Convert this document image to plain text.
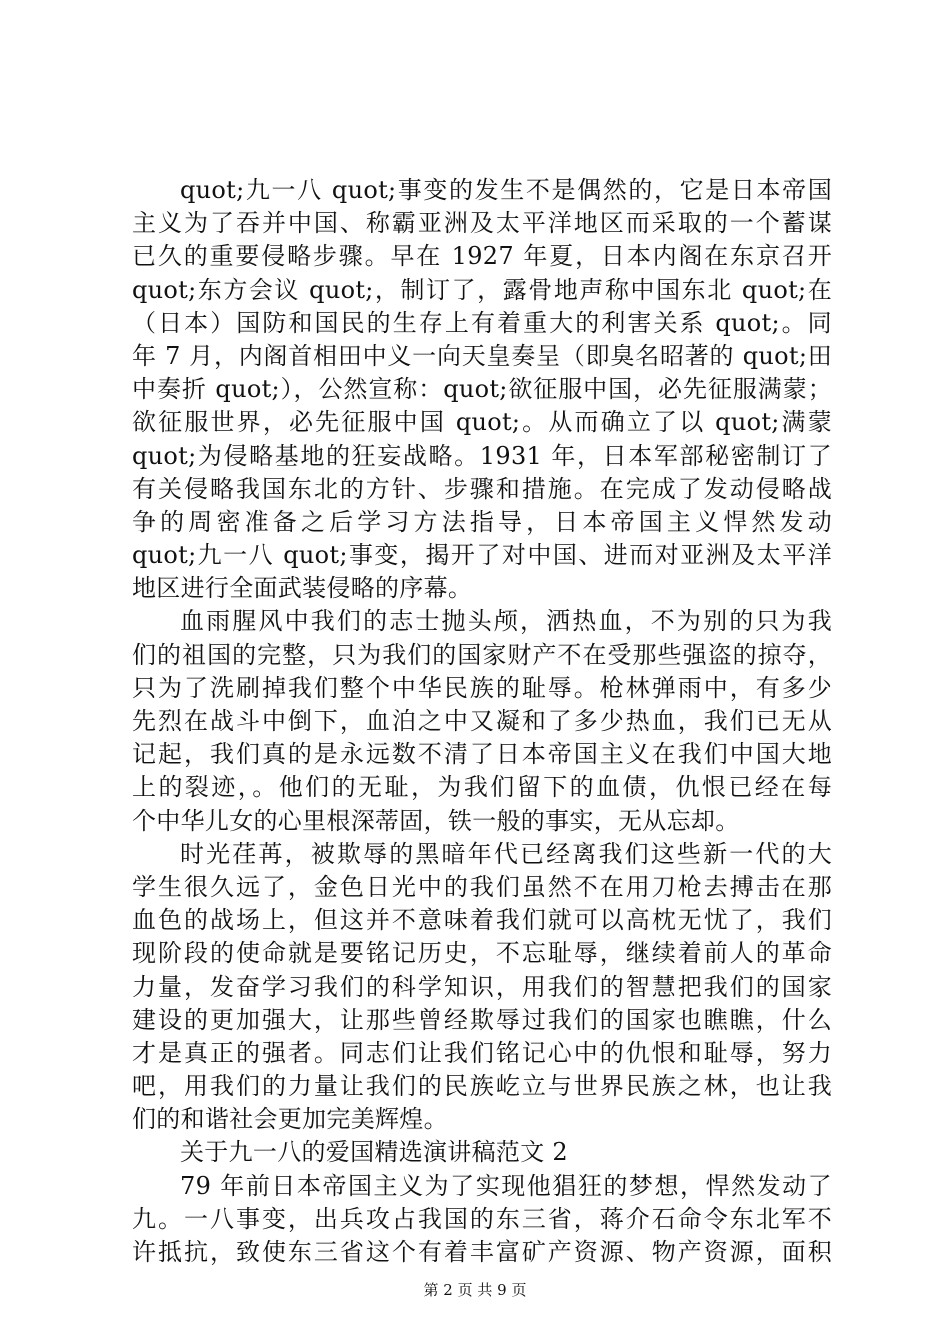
quot;九一八 quot;事变的发生不是偶然的，它是日本帝国
主义为了吞并中国、称霸亚洲及太平洋地区而采取的一个蓄谋
已久的重要侵略步骤。早在 1927 年夏，日本内阁在东京召开
quot;东方会议 quot;，制订了，露骨地声称中国东北 quot;在
（日本）国防和国民的生存上有着重大的利害关系 quot;。同
年 7 月，内阁首相田中义一向天皇奏呈（即臭名昭著的 quot;田
中奏折 quot;），公然宣称：quot;欲征服中国，必先征服满蒙；
欲征服世界，必先征服中国 quot;。从而确立了以 quot;满蒙
quot;为侵略基地的狂妄战略。1931 年，日本军部秘密制订了
有关侵略我国东北的方针、步骤和措施。在完成了发动侵略战
争的周密准备之后学习方法指导，日本帝国主义悍然发动
quot;九一八 quot;事变，揭开了对中国、进而对亚洲及太平洋
地区进行全面武装侵略的序幕。
血雨腥风中我们的志士抛头颅，洒热血，不为别的只为我
们的祖国的完整，只为我们的国家财产不在受那些强盗的掠夺，
只为了洗刷掉我们整个中华民族的耻辱。枪林弹雨中，有多少
先烈在战斗中倒下，血泊之中又凝和了多少热血，我们已无从
记起，我们真的是永远数不清了日本帝国主义在我们中国大地
上的裂迹，。他们的无耻，为我们留下的血债，仇恨已经在每
个中华儿女的心里根深蒂固，铁一般的事实，无从忘却。
时光荏苒，被欺辱的黑暗年代已经离我们这些新一代的大
学生很久远了，金色日光中的我们虽然不在用刀枪去搏击在那
血色的战场上，但这并不意味着我们就可以高枕无忧了，我们
现阶段的使命就是要铭记历史，不忘耻辱，继续着前人的革命
力量，发奋学习我们的科学知识，用我们的智慧把我们的国家
建设的更加强大，让那些曾经欺辱过我们的国家也瞧瞧，什么
才是真正的强者。同志们让我们铭记心中的仇恨和耻辱，努力
吧，用我们的力量让我们的民族屹立与世界民族之林，也让我
们的和谐社会更加完美辉煌。
关于九一八的爱国精选演讲稿范文 2
79 年前日本帝国主义为了实现他猖狂的梦想，悍然发动了
九。一八事变，出兵攻占我国的东三省，蒋介石命令东北军不
许抵抗，致使东三省这个有着丰富矿产资源、物产资源，面积
第 2 页 共 9 页
